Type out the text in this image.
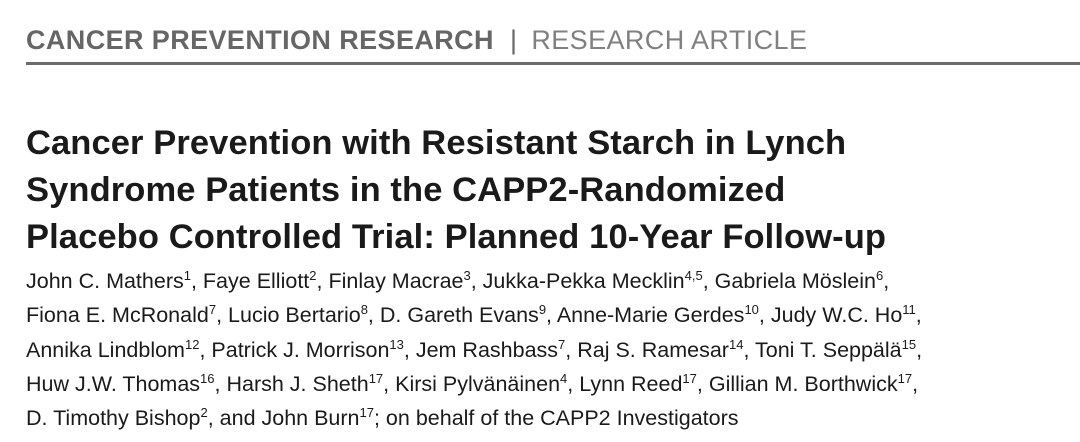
CANCER PREVENTION RESEARCH | RESEARCH ARTICLE
Cancer Prevention with Resistant Starch in Lynch
Syndrome Patients in the CAPP2-Randomized
Placebo Controlled Trial: Planned 10-Year Follow-up
John C. Mathers$^1$, Faye Elliott$^2$, Finlay Macrae$^3$, Jukka-Pekka Mecklin$^{4,5}$, Gabriela Möslein$^6$,
Fiona E. McRonald$^7$, Lucio Bertario$^8$, D. Gareth Evans$^9$, Anne-Marie Gerdes$^{10}$, Judy W.C. Ho$^{11}$,
Annika Lindblom$^{12}$, Patrick J. Morrison$^{13}$, Jem Rashbass$^7$, Raj S. Ramesar$^{14}$, Toni T. Seppälä$^{15}$,
Huw J.W. Thomas$^{16}$, Harsh J. Sheth$^{17}$, Kirsi Pylvänäinen$^4$, Lynn Reed$^{17}$, Gillian M. Borthwick$^{17}$,
D. Timothy Bishop$^2$, and John Burn$^{17}$; on behalf of the CAPP2 Investigators
